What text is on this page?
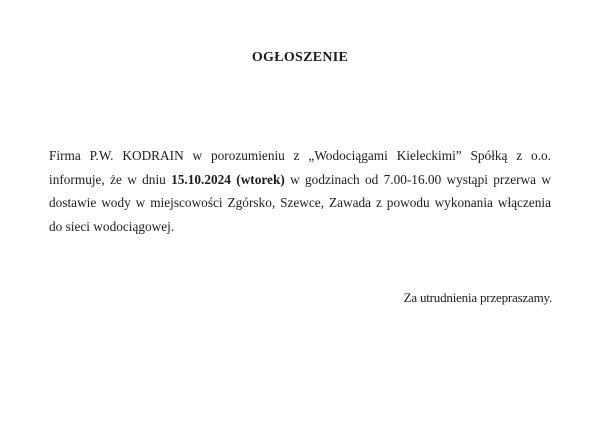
OGŁOSZENIE

Firma P.W. KODRAIN w porozumieniu z „Wodociągami Kieleckimi” Spółką z o.o. informuje, że w dniu 15.10.2024 (wtorek) w godzinach od 7.00-16.00 wystąpi przerwa w dostawie wody w miejscowości Zgórsko, Szewce, Zawada z powodu wykonania włączenia do sieci wodociągowej.

Za utrudnienia przepraszamy.
